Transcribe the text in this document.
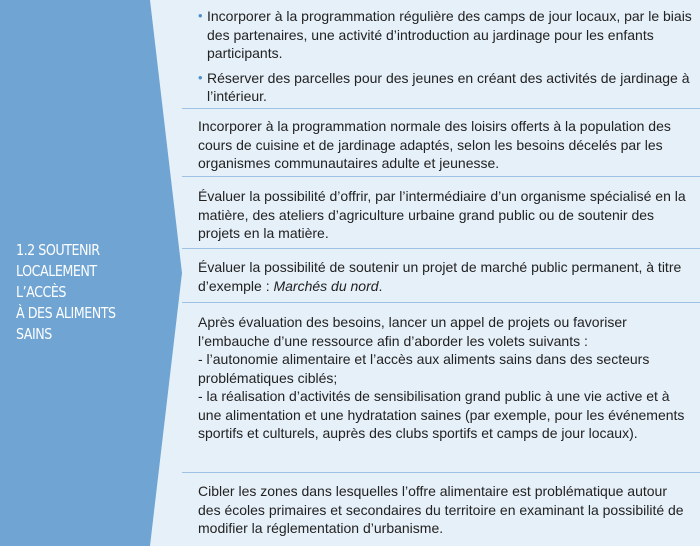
1.2 SOUTENIR
LOCALEMENT L’ACCÈS
À DES ALIMENTS SAINS
• Incorporer à la programmation régulière des camps de jour locaux, par le biais des partenaires, une activité d’introduction au jardinage pour les enfants participants.
• Réserver des parcelles pour des jeunes en créant des activités de jardinage à l’intérieur.
Incorporer à la programmation normale des loisirs offerts à la population des cours de cuisine et de jardinage adaptés, selon les besoins décelés par les organismes communautaires adulte et jeunesse.
Évaluer la possibilité d’offrir, par l’intermédiaire d’un organisme spécialisé en la matière, des ateliers d’agriculture urbaine grand public ou de soutenir des projets en la matière.
Évaluer la possibilité de soutenir un projet de marché public permanent, à titre d’exemple : Marchés du nord.
Après évaluation des besoins, lancer un appel de projets ou favoriser l’embauche d’une ressource afin d’aborder les volets suivants :
- l’autonomie alimentaire et l’accès aux aliments sains dans des secteurs problématiques ciblés;
- la réalisation d’activités de sensibilisation grand public à une vie active et à une alimentation et une hydratation saines (par exemple, pour les événements sportifs et culturels, auprès des clubs sportifs et camps de jour locaux).
Cibler les zones dans lesquelles l’offre alimentaire est problématique autour des écoles primaires et secondaires du territoire en examinant la possibilité de modifier la réglementation d’urbanisme.
